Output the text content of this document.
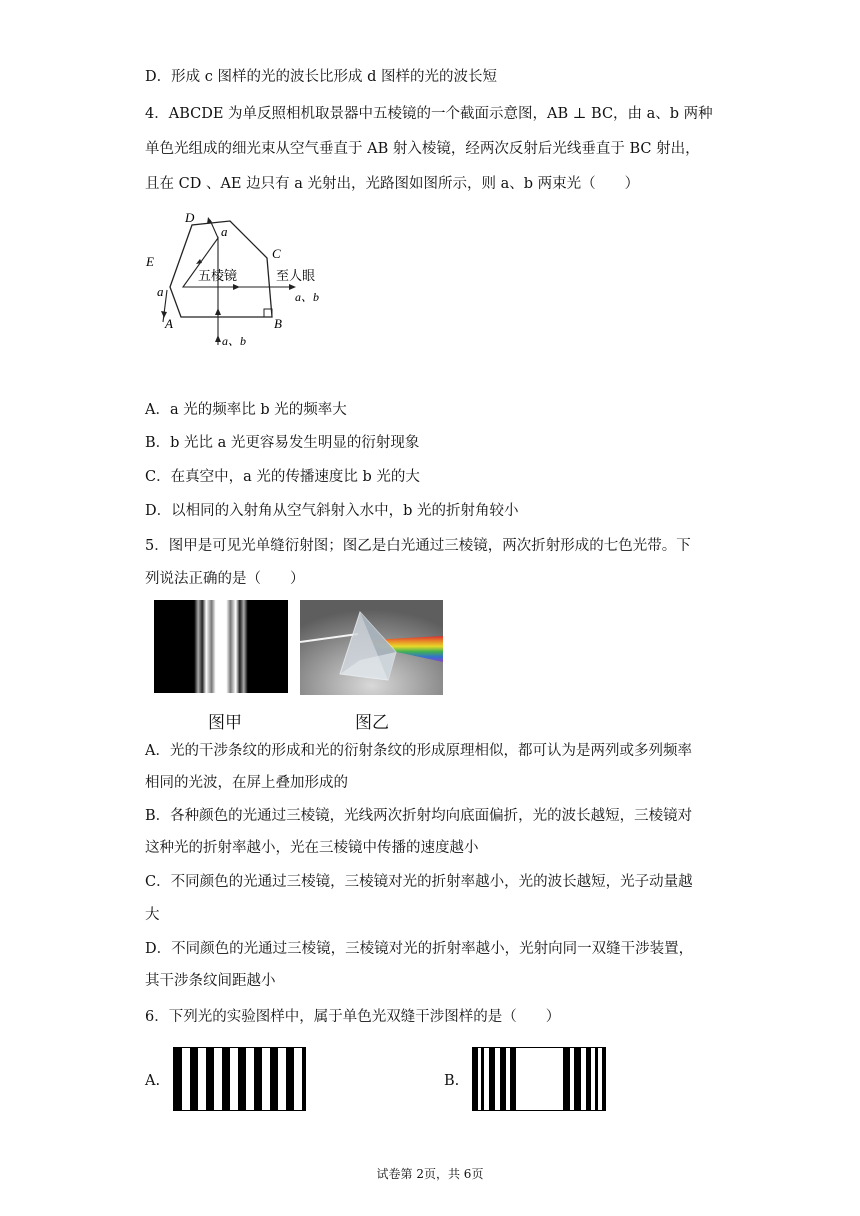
D．形成 c 图样的光的波长比形成 d 图样的光的波长短
4．ABCDE 为单反照相机取景器中五棱镜的一个截面示意图，AB ⊥ BC，由 a、b 两种
单色光组成的细光束从空气垂直于 AB 射入棱镜，经两次反射后光线垂直于 BC 射出，
且在 CD 、AE 边只有 a 光射出，光路图如图所示，则 a、b 两束光（　　）
D
a
C
E
五棱镜	至人眼
a	a、b
A	B
a、b
A．a 光的频率比 b 光的频率大
B．b 光比 a 光更容易发生明显的衍射现象
C．在真空中，a 光的传播速度比 b 光的大
D．以相同的入射角从空气斜射入水中，b 光的折射角较小
5．图甲是可见光单缝衍射图；图乙是白光通过三棱镜，两次折射形成的七色光带。下
列说法正确的是（　　）
图甲	图乙
A．光的干涉条纹的形成和光的衍射条纹的形成原理相似，都可认为是两列或多列频率
相同的光波，在屏上叠加形成的
B．各种颜色的光通过三棱镜，光线两次折射均向底面偏折，光的波长越短，三棱镜对
这种光的折射率越小，光在三棱镜中传播的速度越小
C．不同颜色的光通过三棱镜，三棱镜对光的折射率越小，光的波长越短，光子动量越
大
D．不同颜色的光通过三棱镜，三棱镜对光的折射率越小，光射向同一双缝干涉装置，
其干涉条纹间距越小
6．下列光的实验图样中，属于单色光双缝干涉图样的是（　　）
A.	B.
试卷第 2页，共 6页
